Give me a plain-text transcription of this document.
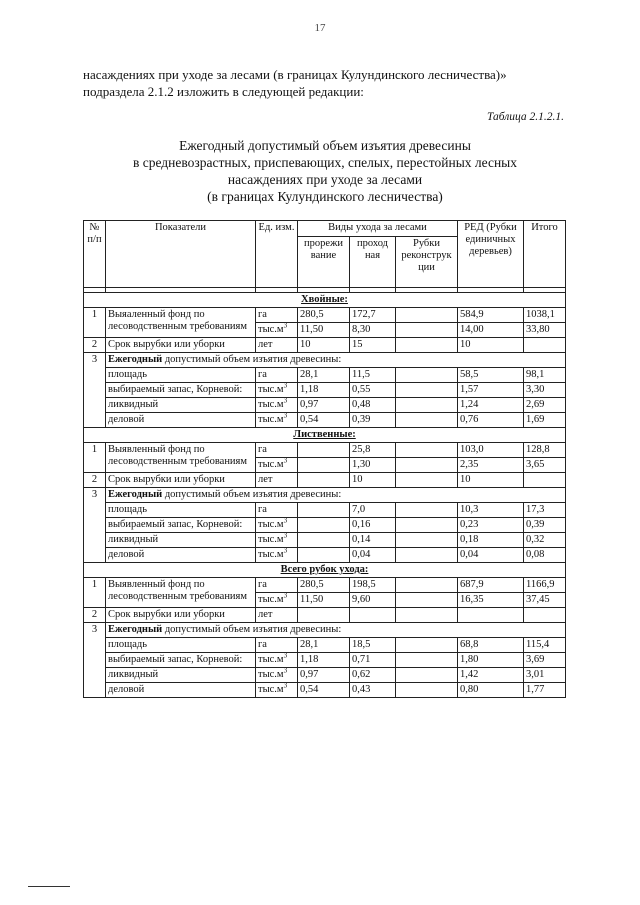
17
насаждениях при уходе за лесами (в границах Кулундинского лесничества)»
подраздела 2.1.2 изложить в следующей редакции:
Таблица 2.1.2.1.
Ежегодный допустимый объем изъятия древесины
в средневозрастных, приспевающих, спелых, перестойных лесных
насаждениях при уходе за лесами
(в границах Кулундинского лесничества)
№ п/п	Показатели	Ед. изм.	Виды ухода за лесами			РЕД (Рубки единичных деревьев)	Итого
			прорежи вание	проход ная	Рубки реконструк ции		

Хвойные:							
1	Выяаленный фонд по лесоводственным требованиям	га	280,5	172,7		584,9	1038,1
		$тыс.м^3$	11,50	8,30		14,00	33,80
2	Срок вырубки или уборки	лет	10	15		10	
3	Ежегодный допустимый объем изъятия древесины:						
	площадь	га	28,1	11,5		58,5	98,1
	выбираемый запас, Корневой:	$тыс.м^3$	1,18	0,55		1,57	3,30
	ликвидный	$тыс.м^3$	0,97	0,48		1,24	2,69
	деловой	$тыс.м^3$	0,54	0,39		0,76	1,69
Лиственные:							
1	Выявленный фонд по лесоводственным требованиям	га		25,8		103,0	128,8
		$тыс.м^3$		1,30		2,35	3,65
2	Срок вырубки или уборки	лет		10		10	
3	Ежегодный допустимый объем изъятия древесины:						
	площадь	га		7,0		10,3	17,3
	выбираемый запас, Корневой:	$тыс.м^3$		0,16		0,23	0,39
	ликвидный	$тыс.м^3$		0,14		0,18	0,32
	деловой	$тыс.м^3$		0,04		0,04	0,08
Всего рубок ухода:							
1	Выявленный фонд по лесоводственным требованиям	га	280,5	198,5		687,9	1166,9
		$тыс.м^3$	11,50	9,60		16,35	37,45
2	Срок вырубки или уборки	лет					
3	Ежегодный допустимый объем изъятия древесины:						
	площадь	га	28,1	18,5		68,8	115,4
	выбираемый запас, Корневой:	$тыс.м^3$	1,18	0,71		1,80	3,69
	ликвидный	$тыс.м^3$	0,97	0,62		1,42	3,01
	деловой	$тыс.м^3$	0,54	0,43		0,80	1,77
